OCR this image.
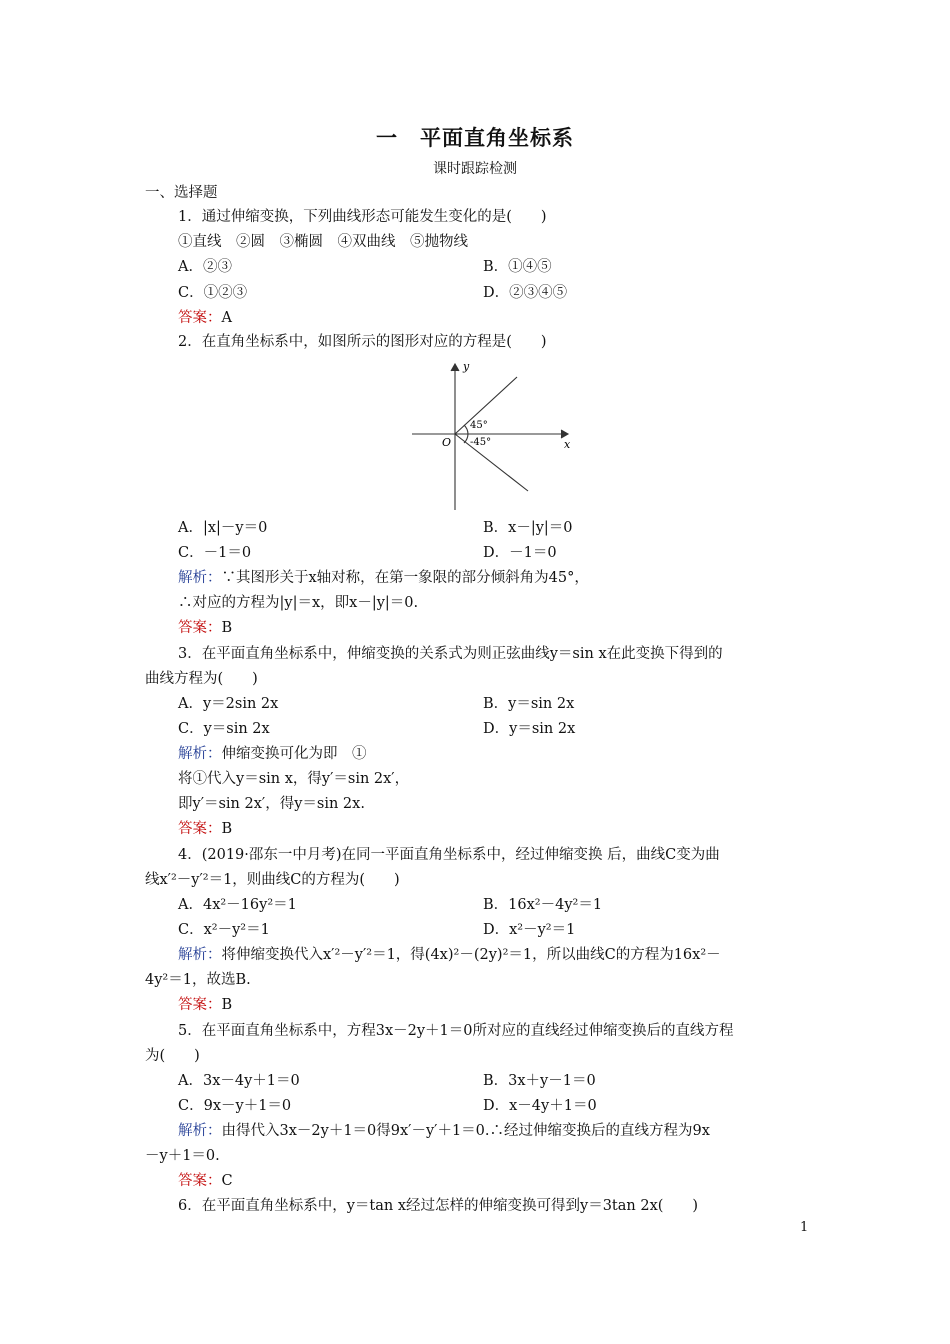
一　平面直角坐标系
课时跟踪检测
一、选择题
1．通过伸缩变换，下列曲线形态可能发生变化的是(　　)
①直线　②圆　③椭圆　④双曲线　⑤抛物线
A．②③	B．①④⑤
C．①②③	D．②③④⑤
答案：A
2．在直角坐标系中，如图所示的图形对应的方程是(　　)
y
x
O
45°
-45°
A．|x|－y＝0	B．x－|y|＝0
C．－1＝0	D．－1＝0
解析：∵其图形关于x轴对称，在第一象限的部分倾斜角为45°，
∴对应的方程为|y|＝x，即x－|y|＝0.
答案：B
3．在平面直角坐标系中，伸缩变换的关系式为则正弦曲线y＝sin x在此变换下得到的
曲线方程为(　　)
A．y＝2sin 2x	B．y＝sin 2x
C．y＝sin 2x	D．y＝sin 2x
解析：伸缩变换可化为即　①
将①代入y＝sin x，得y′＝sin 2x′，
即y′＝sin 2x′，得y＝sin 2x.
答案：B
4．(2019·邵东一中月考)在同一平面直角坐标系中，经过伸缩变换 后，曲线C变为曲
线x′²－y′²＝1，则曲线C的方程为(　　)
A．4x²－16y²＝1	B．16x²－4y²＝1
C．x²－y²＝1	D．x²－y²＝1
解析：将伸缩变换代入x′²－y′²＝1，得(4x)²－(2y)²＝1，所以曲线C的方程为16x²－
4y²＝1，故选B.
答案：B
5．在平面直角坐标系中，方程3x－2y＋1＝0所对应的直线经过伸缩变换后的直线方程
为(　　)
A．3x－4y＋1＝0	B．3x＋y－1＝0
C．9x－y＋1＝0	D．x－4y＋1＝0
解析：由得代入3x－2y＋1＝0得9x′－y′＋1＝0.∴经过伸缩变换后的直线方程为9x
－y＋1＝0.
答案：C
6．在平面直角坐标系中，y＝tan x经过怎样的伸缩变换可得到y＝3tan 2x(　　)
1
